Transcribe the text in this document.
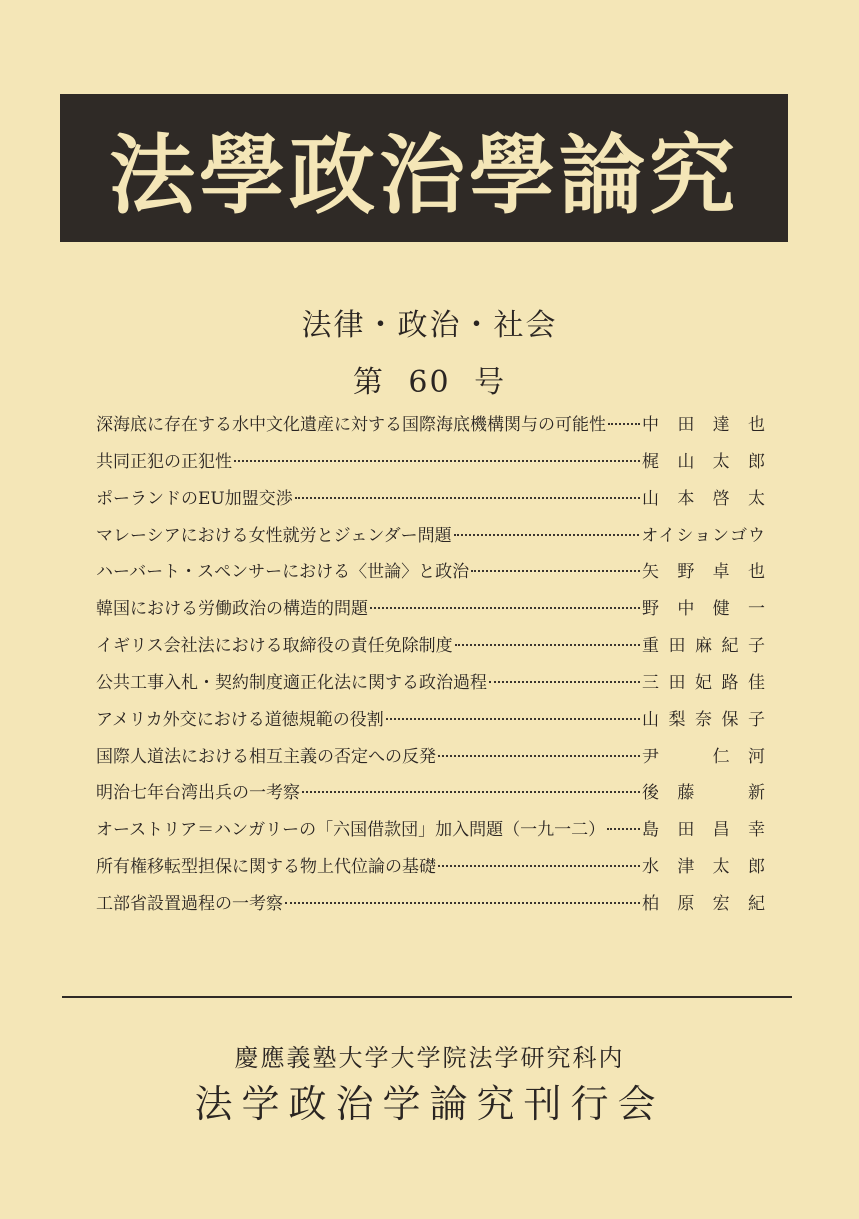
法學政治學論究
法律・政治・社会
第 60 号
深海底に存在する水中文化遺産に対する国際海底機構関与の可能性 中田達也
共同正犯の正犯性	梶山太郎
ポーランドのEU加盟交渉	山本啓太
マレーシアにおける女性就労とジェンダー問題	オイションゴウ
ハーバート・スペンサーにおける〈世論〉と政治	矢野卓也
韓国における労働政治の構造的問題	野中健一
イギリス会社法における取締役の責任免除制度	重田麻紀子
公共工事入札・契約制度適正化法に関する政治過程	三田妃路佳
アメリカ外交における道徳規範の役割	山梨奈保子
国際人道法における相互主義の否定への反発	尹　仁河
明治七年台湾出兵の一考察	後藤　新
オーストリア＝ハンガリーの「六国借款団」加入問題（一九一二） 島田昌幸
所有権移転型担保に関する物上代位論の基礎	水津太郎
工部省設置過程の一考察	柏原宏紀
慶應義塾大学大学院法学研究科内
法学政治学論究刊行会
